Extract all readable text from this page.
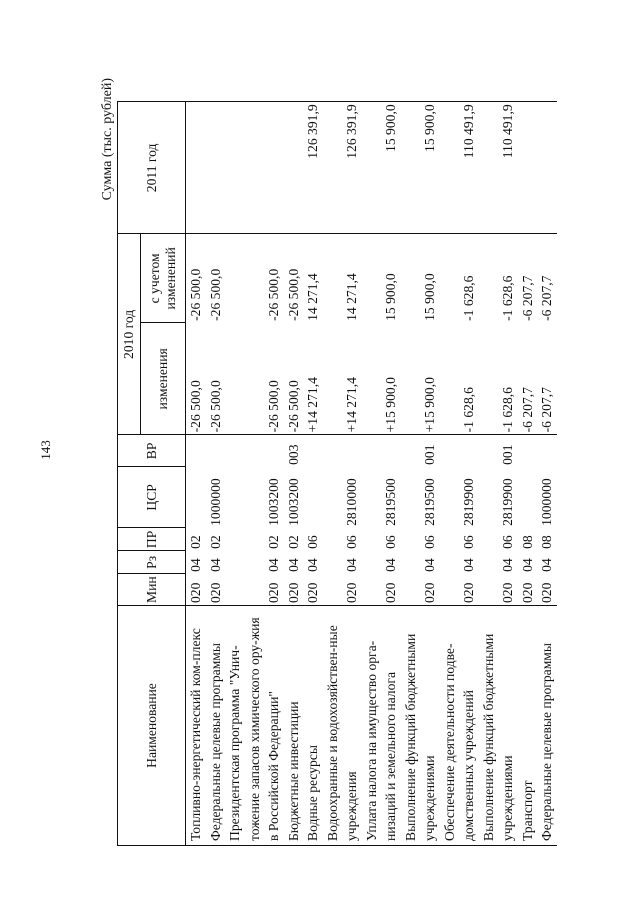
143
Сумма (тыс. рублей)
Наименование	Мин	Рз	ПР	ЦСР	ВР	2010 год		2011 год
						изменения	с учетом изменений	
Топливно-энергетический ком-плекс	020	04	02			-26 500,0	-26 500,0	
Федеральные целевые программы	020	04	02	1000000		-26 500,0	-26 500,0	
Президентская программа "Унич-тожение запасов химического ору-жия в Российской Федерации"	020	04	02	1003200		-26 500,0	-26 500,0	
Бюджетные инвестиции	020	04	02	1003200	003	-26 500,0	-26 500,0	
Водные ресурсы	020	04	06			+14 271,4	14 271,4	126 391,9
Водоохранные и водохозяйствен-ные учреждения	020	04	06	2810000		+14 271,4	14 271,4	126 391,9
Уплата налога на имущество орга-низаций и земельного налога	020	04	06	2819500		+15 900,0	15 900,0	15 900,0
Выполнение функций бюджетными учреждениями	020	04	06	2819500	001	+15 900,0	15 900,0	15 900,0
Обеспечение деятельности подве-домственных учреждений	020	04	06	2819900		-1 628,6	-1 628,6	110 491,9
Выполнение функций бюджетными учреждениями	020	04	06	2819900	001	-1 628,6	-1 628,6	110 491,9
Транспорт	020	04	08			-6 207,7	-6 207,7	
Федеральные целевые программы	020	04	08	1000000		-6 207,7	-6 207,7	
